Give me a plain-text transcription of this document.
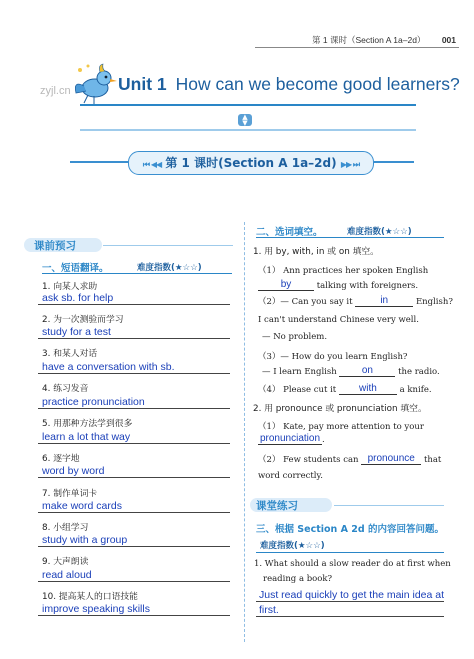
第 1 课时（Section A 1a–2d） 001
zyjl.cn	Unit 1 How can we become good learners?
▲
▼
⏮ ◀◀ 第 1 课时(Section A 1a–2d) ▶▶ ⏭
课前预习
一、短语翻译。	难度指数(★☆☆)
1. 向某人求助
ask sb. for help
2. 为一次测验而学习
study for a test
3. 和某人对话
have a conversation with sb.
4. 练习发音
practice pronunciation
5. 用那种方法学到很多
learn a lot that way
6. 逐字地
word by word
7. 制作单词卡
make word cards
8. 小组学习
study with a group
9. 大声朗读
read aloud
10. 提高某人的口语技能
improve speaking skills
二、选词填空。	难度指数(★☆☆)
1. 用 by, with, in 或 on 填空。
（1） Ann practices her spoken English
by	talking with foreigners.
（2）— Can you say it	in	English?
I can't understand Chinese very well.
— No problem.
（3）— How do you learn English?
— I learn English	on	the radio.
（4） Please cut it with	a knife.
2. 用 pronounce 或 pronunciation 填空。
（1） Kate, pay more attention to your
pronunciation .
（2） Few students can pronounce that
word correctly.
课堂练习
三、根据 Section A 2d 的内容回答问题。
难度指数(★☆☆)
1. What should a slow reader do at first when
reading a book?
Just read quickly to get the main idea at
first.
